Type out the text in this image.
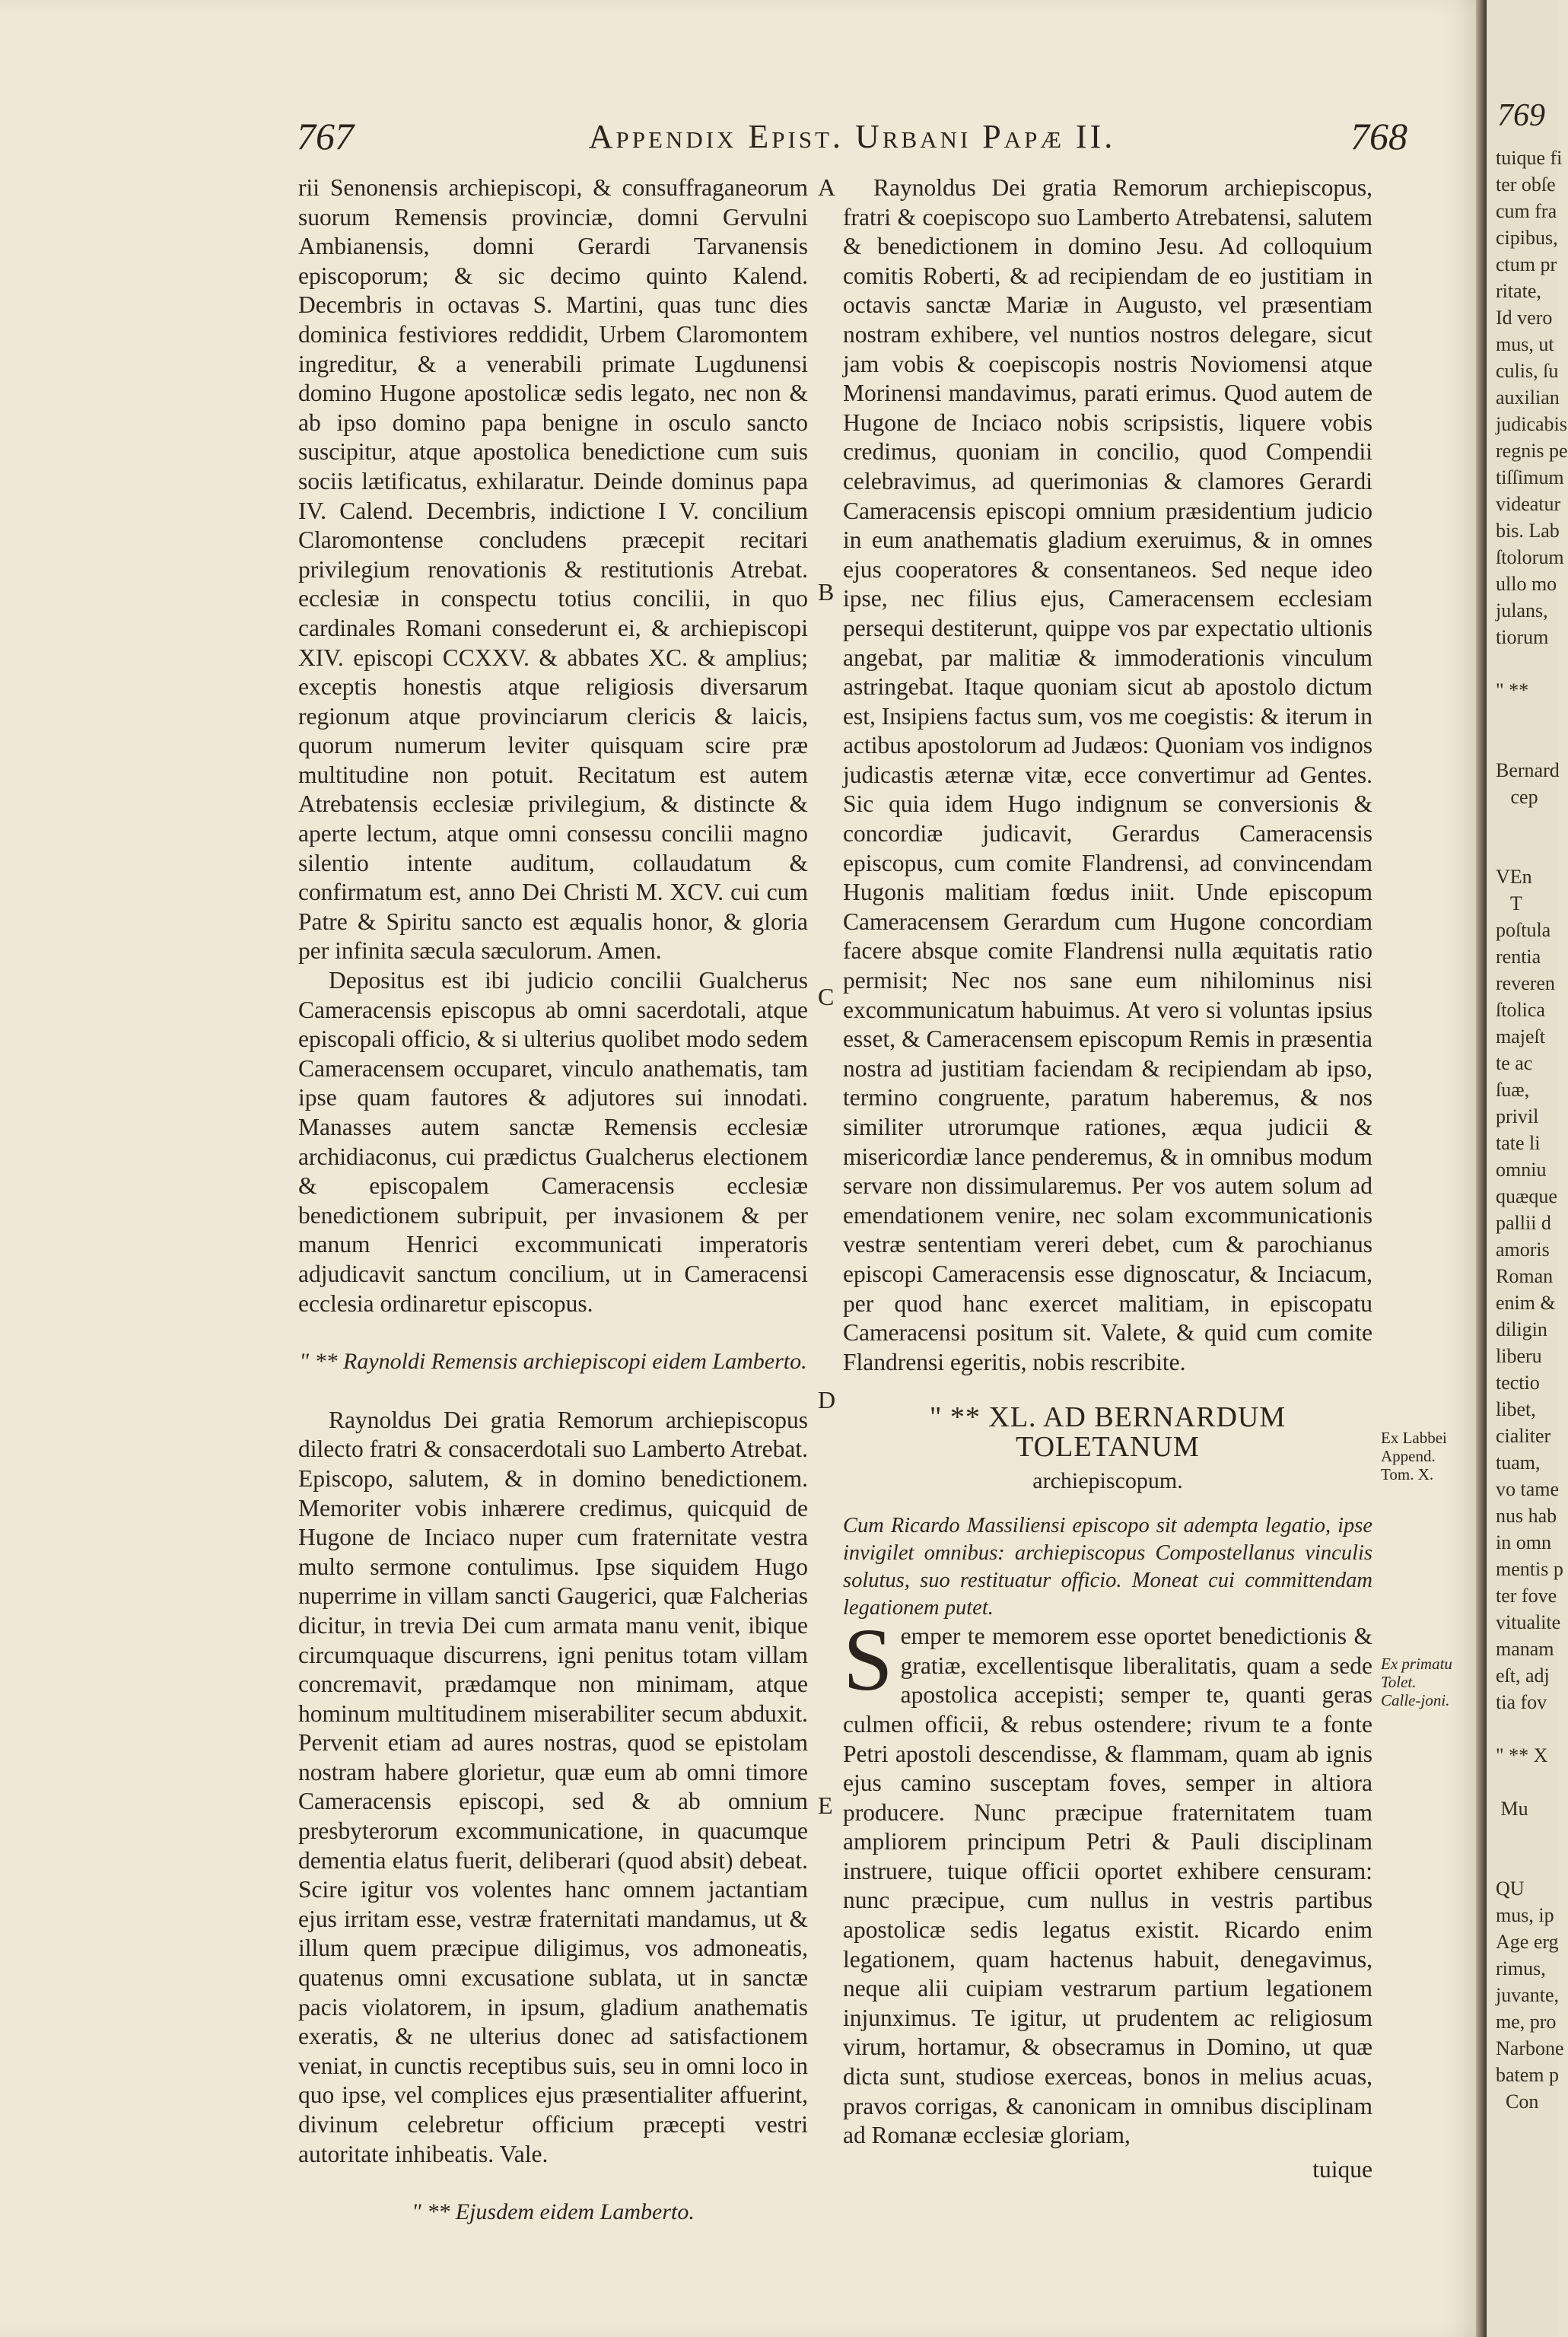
767	Appendix Epist. Urbani Papæ II.	768
A
B
C
D
E
Ex Labbei Append. Tom. X.
Ex primatu Tolet. Calle-joni.

rii Senonensis archiepiscopi, & consuffraganeorum suorum Remensis provinciæ, domni Gervulni Ambianensis, domni Gerardi Tarvanensis episcoporum; & sic decimo quinto Kalend. Decembris in octavas S. Martini, quas tunc dies dominica festiviores reddidit, Urbem Claromontem ingreditur, & a venerabili primate Lugdunensi domino Hugone apostolicæ sedis legato, nec non & ab ipso domino papa benigne in osculo sancto suscipitur, atque apostolica benedictione cum suis sociis lætificatus, exhilaratur. Deinde dominus papa IV. Calend. Decembris, indictione I V. concilium Claromontense concludens præcepit recitari privilegium renovationis & restitutionis Atrebat. ecclesiæ in conspectu totius concilii, in quo cardinales Romani consederunt ei, & archiepiscopi XIV. episcopi CCXXV. & abbates XC. & amplius; exceptis honestis atque religiosis diversarum regionum atque provinciarum clericis & laicis, quorum numerum leviter quisquam scire præ multitudine non potuit. Recitatum est autem Atrebatensis ecclesiæ privilegium, & distincte & aperte lectum, atque omni consessu concilii magno silentio intente auditum, collaudatum & confirmatum est, anno Dei Christi M. XCV. cui cum Patre & Spiritu sancto est æqualis honor, & gloria per infinita sæcula sæculorum. Amen.

Depositus est ibi judicio concilii Gualcherus Cameracensis episcopus ab omni sacerdotali, atque episcopali officio, & si ulterius quolibet modo sedem Cameracensem occuparet, vinculo anathematis, tam ipse quam fautores & adjutores sui innodati. Manasses autem sanctæ Remensis ecclesiæ archidiaconus, cui prædictus Gualcherus electionem & episcopalem Cameracensis ecclesiæ benedictionem subripuit, per invasionem & per manum Henrici excommunicati imperatoris adjudicavit sanctum concilium, ut in Cameracensi ecclesia ordinaretur episcopus.

" ** Raynoldi Remensis archiepiscopi eidem Lamberto.

Raynoldus Dei gratia Remorum archiepiscopus dilecto fratri & consacerdotali suo Lamberto Atrebat. Episcopo, salutem, & in domino benedictionem. Memoriter vobis inhærere credimus, quicquid de Hugone de Inciaco nuper cum fraternitate vestra multo sermone contulimus. Ipse siquidem Hugo nuperrime in villam sancti Gaugerici, quæ Falcherias dicitur, in trevia Dei cum armata manu venit, ibique circumquaque discurrens, igni penitus totam villam concremavit, prædamque non minimam, atque hominum multitudinem miserabiliter secum abduxit. Pervenit etiam ad aures nostras, quod se epistolam nostram habere glorietur, quæ eum ab omni timore Cameracensis episcopi, sed & ab omnium presbyterorum excommunicatione, in quacumque dementia elatus fuerit, deliberari (quod absit) debeat. Scire igitur vos volentes hanc omnem jactantiam ejus irritam esse, vestræ fraternitati mandamus, ut & illum quem præcipue diligimus, vos admoneatis, quatenus omni excusatione sublata, ut in sanctæ pacis violatorem, in ipsum, gladium anathematis exeratis, & ne ulterius donec ad satisfactionem veniat, in cunctis receptibus suis, seu in omni loco in quo ipse, vel complices ejus præsentialiter affuerint, divinum celebretur officium præcepti vestri autoritate inhibeatis. Vale.

" ** Ejusdem eidem Lamberto.

Raynoldus Dei gratia Remorum archiepiscopus, fratri & coepiscopo suo Lamberto Atrebatensi, salutem & benedictionem in domino Jesu. Ad colloquium comitis Roberti, & ad recipiendam de eo justitiam in octavis sanctæ Mariæ in Augusto, vel præsentiam nostram exhibere, vel nuntios nostros delegare, sicut jam vobis & coepiscopis nostris Noviomensi atque Morinensi mandavimus, parati erimus. Quod autem de Hugone de Inciaco nobis scripsistis, liquere vobis credimus, quoniam in concilio, quod Compendii celebravimus, ad querimonias & clamores Gerardi Cameracensis episcopi omnium præsidentium judicio in eum anathematis gladium exeruimus, & in omnes ejus cooperatores & consentaneos. Sed neque ideo ipse, nec filius ejus, Cameracensem ecclesiam persequi destiterunt, quippe vos par expectatio ultionis angebat, par malitiæ & immoderationis vinculum astringebat. Itaque quoniam sicut ab apostolo dictum est, Insipiens factus sum, vos me coegistis: & iterum in actibus apostolorum ad Judæos: Quoniam vos indignos judicastis æternæ vitæ, ecce convertimur ad Gentes. Sic quia idem Hugo indignum se conversionis & concordiæ judicavit, Gerardus Cameracensis episcopus, cum comite Flandrensi, ad convincendam Hugonis malitiam fœdus iniit. Unde episcopum Cameracensem Gerardum cum Hugone concordiam facere absque comite Flandrensi nulla æquitatis ratio permisit; Nec nos sane eum nihilominus nisi excommunicatum habuimus. At vero si voluntas ipsius esset, & Cameracensem episcopum Remis in præsentia nostra ad justitiam faciendam & recipiendam ab ipso, termino congruente, paratum haberemus, & nos similiter utrorumque rationes, æqua judicii & misericordiæ lance penderemus, & in omnibus modum servare non dissimularemus. Per vos autem solum ad emendationem venire, nec solam excommunicationis vestræ sententiam vereri debet, cum & parochianus episcopi Cameracensis esse dignoscatur, & Inciacum, per quod hanc exercet malitiam, in episcopatu Cameracensi positum sit. Valete, & quid cum comite Flandrensi egeritis, nobis rescribite.

" ** XL. AD BERNARDUM TOLETANUM
archiepiscopum.

Cum Ricardo Massiliensi episcopo sit adempta legatio, ipse invigilet omnibus: archiepiscopus Compostellanus vinculis solutus, suo restituatur officio. Moneat cui committendam legationem putet.

Semper te memorem esse oportet benedictionis & gratiæ, excellentisque liberalitatis, quam a sede apostolica accepisti; semper te, quanti geras culmen officii, & rebus ostendere; rivum te a fonte Petri apostoli descendisse, & flammam, quam ab ignis ejus camino susceptam foves, semper in altiora producere. Nunc præcipue fraternitatem tuam ampliorem principum Petri & Pauli disciplinam instruere, tuique officii oportet exhibere censuram: nunc præcipue, cum nullus in vestris partibus apostolicæ sedis legatus existit. Ricardo enim legationem, quam hactenus habuit, denegavimus, neque alii cuipiam vestrarum partium legationem injunximus. Te igitur, ut prudentem ac religiosum virum, hortamur, & obsecramus in Domino, ut quæ dicta sunt, studiose exerceas, bonos in melius acuas, pravos corrigas, & canonicam in omnibus disciplinam ad Romanæ ecclesiæ gloriam,

tuique
769
tuique fi
ter obſe
cum fra
cipibus,
ctum pr
ritate,
Id vero
mus, ut
culis, ſu
auxilian
judicabis
regnis pe
tiſſimum
videatur
bis. Lab
ſtolorum
ullo mo
julans,
tiorum

" **

Bernard
cep

VEn
T
poſtula
rentia
reveren
ſtolica
majeſt
te ac
ſuæ,
privil
tate li
omniu
quæque
pallii d
amoris
Roman
enim &
diligin
liberu
tectio
libet,
cialiter
tuam,
vo tame
nus hab
in omn
mentis p
ter fove
vitualite
manam
eſt, adj
tia fov

" ** X

Mu

QU
mus, ip
Age erg
rimus,
juvante,
me, pro
Narbone
batem p
Con
